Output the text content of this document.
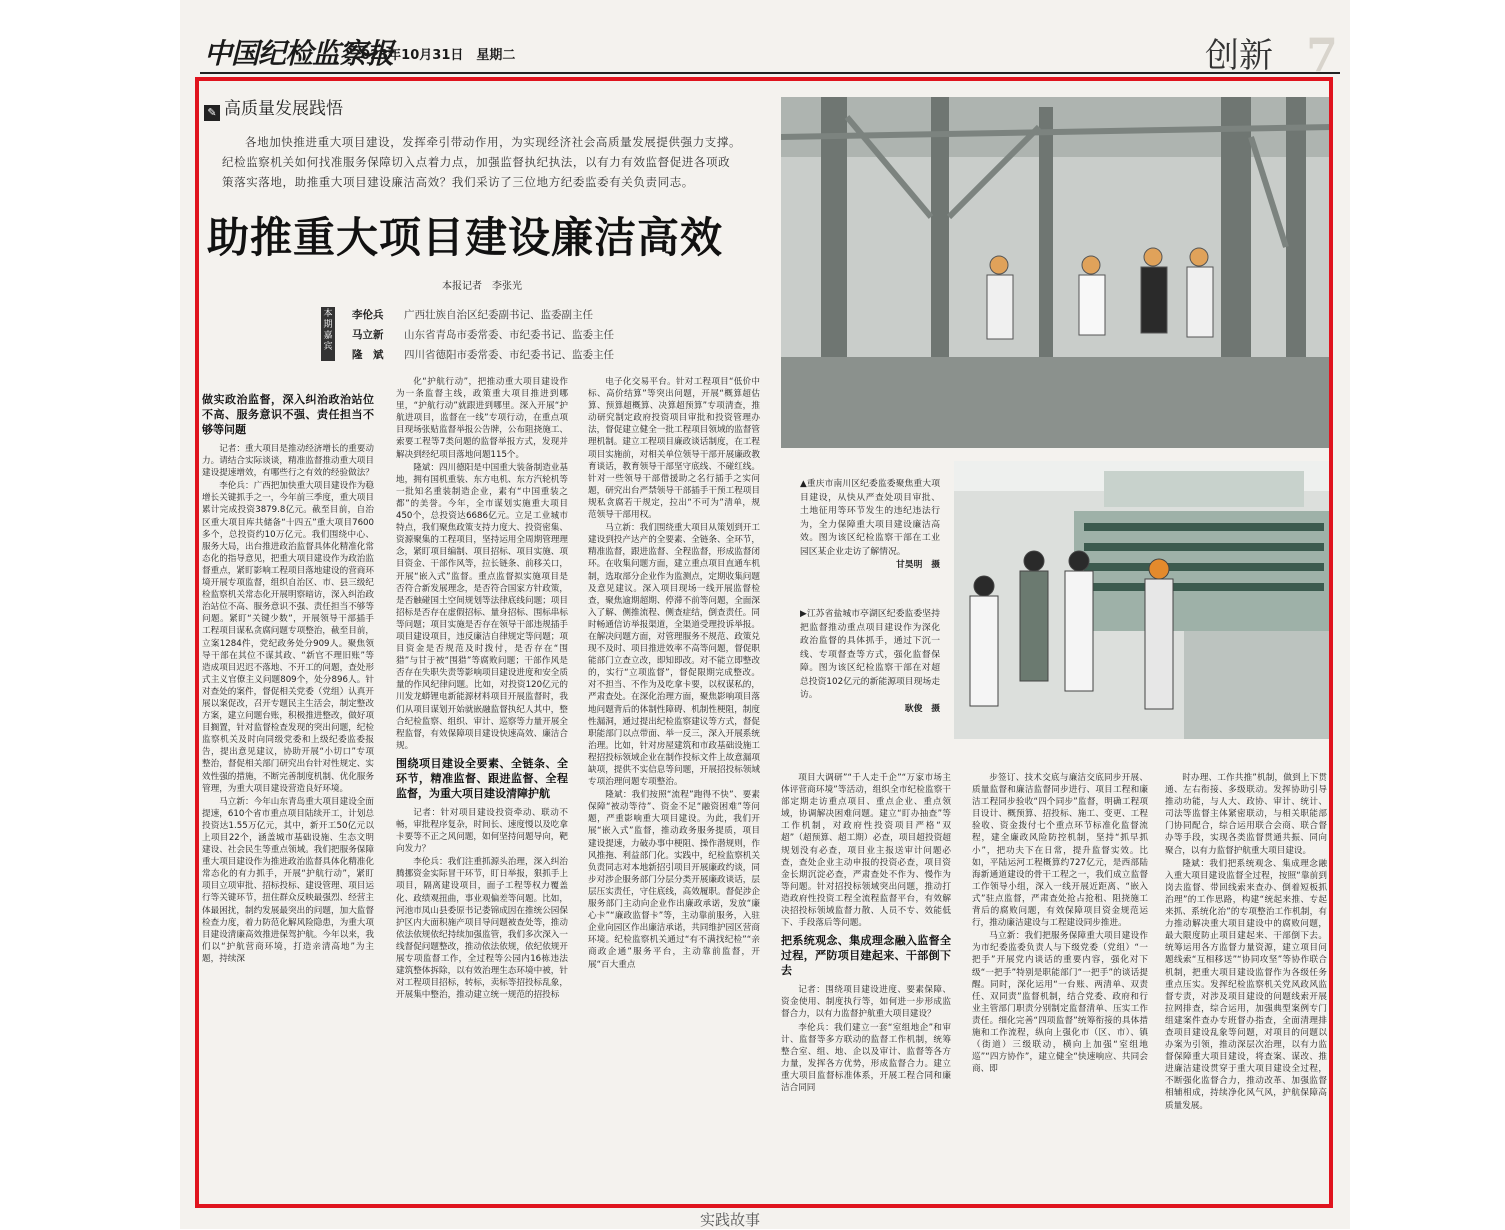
中国纪检监察报
2023年10月31日　星期二	创新 7
✎ 高质量发展践悟
各地加快推进重大项目建设，发挥牵引带动作用，为实现经济社会高质量发展提供强力支撑。纪检监察机关如何找准服务保障切入点着力点，加强监督执纪执法，以有力有效监督促进各项政策落实落地，助推重大项目建设廉洁高效？我们采访了三位地方纪委监委有关负责同志。
助推重大项目建设廉洁高效
本报记者　李张光
本期嘉宾
李伦兵 广西壮族自治区纪委副书记、监委副主任
马立新 山东省青岛市委常委、市纪委书记、监委主任
隆　斌 四川省德阳市委常委、市纪委书记、监委主任
做实政治监督，深入纠治政治站位不高、服务意识不强、责任担当不够等问题

记者：重大项目是推动经济增长的重要动力。请结合实际谈谈，精准监督推动重大项目建设提速增效，有哪些行之有效的经验做法？

李伦兵：广西把加快重大项目建设作为稳增长关键抓手之一，今年前三季度，重大项目累计完成投资3879.8亿元。截至目前，自治区重大项目库共储备“十四五”重大项目7600多个，总投资约10万亿元。我们围绕中心、服务大局，出台推进政治监督具体化精准化常态化的指导意见，把重大项目建设作为政治监督重点，紧盯影响工程项目落地建设的营商环境开展专项监督，组织自治区、市、县三级纪检监察机关常态化开展明察暗访，深入纠治政治站位不高、服务意识不强、责任担当不够等问题。紧盯“关键少数”，开展领导干部插手工程项目谋私贪腐问题专项整治，截至目前，立案1284件，党纪政务处分909人。聚焦领导干部在其位不谋其政、“新官不理旧账”等造成项目迟迟不落地、不开工的问题，查处形式主义官僚主义问题809个，处分896人。针对查处的案件，督促相关党委（党组）认真开展以案促改，召开专题民主生活会，制定整改方案，建立问题台账，积极推进整改，做好项目搁置，针对监督检查发现的突出问题，纪检监察机关及时向同级党委和上级纪委监委报告，提出意见建议，协助开展“小切口”专项整治，督促相关部门研究出台针对性规定、实效性强的措施，不断完善制度机制、优化服务管理，为重大项目建设营造良好环境。

马立新：今年山东青岛重大项目建设全面提速，610个省市重点项目陆续开工，计划总投资达1.55万亿元，其中，新开工50亿元以上项目22个，涵盖城市基础设施、生态文明建设、社会民生等重点领域。我们把服务保障重大项目建设作为推进政治监督具体化精准化常态化的有力抓手，开展“护航行动”，紧盯项目立项审批、招标投标、建设管理、项目运行等关键环节，扭住群众反映最强烈、经营主体最困扰，制约发展最突出的问题，加大监督检查力度，着力防范化解风险隐患，为重大项目建设清廉高效推进保驾护航。今年以来，我们以“护航营商环境，打造亲清高地”为主题，持续深

化“护航行动”，把推动重大项目建设作为一条监督主线，政策重大项目推进到哪里，“护航行动”就跟进到哪里。深入开展“护航进项目，监督在一线”专项行动，在重点项目现场张贴监督举报公告牌，公布阻挠施工、索要工程等7类问题的监督举报方式，发现并解决到经纪项目落地问题115个。

隆斌：四川德阳是中国重大装备制造业基地，拥有国机重装、东方电机、东方汽轮机等一批知名重装制造企业，素有“中国重装之都”的美誉。今年，全市谋划实施重大项目450个，总投资达6686亿元。立足工业城市特点，我们聚焦政策支持力度大、投资密集、资源聚集的工程项目，坚持运用全周期管理理念，紧盯项目编制、项目招标、项目实施、项目资金、干部作风等，拉长链条、前移关口，开展“嵌入式”监督。重点监督拟实施项目是否符合新发展理念，是否符合国家方针政策，是否触碰国土空间规划等法律底线问题；项目招标是否存在虚假招标、量身招标、围标串标等问题；项目实施是否存在领导干部违规插手项目建设项目，违反廉洁自律规定等问题；项目资金是否规范及时拨付，是否存在“围猎”与甘于被“围猎”等腐败问题；干部作风是否存在失职失责等影响项目建设进度和安全质量的作风纪律问题。比如，对投资120亿元的川发龙蟒锂电新能源材料项目开展监督时，我们从项目谋划开始就嵌融监督执纪人其中，整合纪检监察、组织、审计、巡察等力量开展全程监督，有效保障项目建设快速高效、廉洁合规。

围绕项目建设全要素、全链条、全环节，精准监督、跟进监督、全程监督，为重大项目建设清障护航

记者：针对项目建设投资牵动、联动不畅，审批程序复杂，时间长、速度慢以及吃拿卡要等不正之风问题，如何坚持问题导向，靶向发力？

李伦兵：我们注重抓源头治理，深入纠治腾挪资金实际冒干环节，盯日举报，狠抓手上项目，隔离建设项目，面子工程等权力覆盖化、政绩观扭曲，事业观偏差等问题。比如，河池市凤山县委原书记娄锦成因在推统公园保护区内大面积施产项目导问题被查处等，推动依法依规依纪持续加强监管，我们多次深入一线督促问题整改，推动依法依规，依纪依规开展专项监督工作，全过程等公园内16栋违法建筑整体拆除，以有效治理生态环境中被，针对工程项目招标，转标，卖标等招投标乱象，开展集中整治，推动建立统一规范的招投标

电子化交易平台。针对工程项目“低价中标、高价结算”等突出问题，开展“概算超估算、预算超概算、决算超预算”专项清查，推动研究制定政府投资项目审批和投资管理办法，督促建立健全一批工程项目领域的监督管理机制。建立工程项目廉政谈话制度，在工程项目实施前，对相关单位领导干部开展廉政教育谈话，教育领导干部坚守底线、不碰红线。针对一些领导干部借援助之名行插手之实问题，研究出台严禁领导干部插手干预工程项目规私贪腐若干规定，拉出“不可为”清单，规范领导干部用权。

马立新：我们围绕重大项目从策划到开工建设到投产达产的全要素、全链条、全环节，精准监督，跟进监督、全程监督，形成监督闭环。在收集问题方面，建立重点项目直通车机制，选取部分企业作为监测点，定期收集问题及意见建议。深入项目现场一线开展监督检查，聚焦逾期超期、停滞不前等问题，全面深入了解、侧推流程、侧查症结，倒查责任。同时畅通信访举报渠道，全渠道受理投诉举报。在解决问题方面，对管理服务不规范、政策兑现不及时、项目推进效率不高等问题，督促职能部门立查立改，即知即改。对不能立即整改的，实行“立项监督”，督促限期完成整改。对不担当、不作为及吃拿卡要，以权谋私的，严肃查处。在深化治理方面，聚焦影响项目落地问题背后的体制性障碍、机制性梗阻，制度性漏洞，通过提出纪检监察建议等方式，督促职能部门以点带面、举一反三，深入开展系统治理。比如，针对房屋建筑和市政基础设施工程招投标领域企业在制作投标文件上故意漏项缺项，提供不实信息等问题，开展招投标领域专项治理问题专项整治。

隆斌：我们按照“流程”跑得不快”、要素保障“被动等待”、资金不足“融资困难”等问题，严重影响重大项目建设。为此，我们开展“嵌入式”监督，推动政务服务提质，项目建设提速，力破办事中梗阻、操作潜规则，作风推拖、利益部门化。实践中，纪检监察机关负责同志对本地新招引项目开展廉政约谈，同步对涉企服务部门分层分类开展廉政谈话，层层压实责任，守住底线，高效履职。督促涉企服务部门主动向企业作出廉政承诺，发放“廉心卡”“廉政监督卡”等，主动靠前服务，入驻企业向园区作出廉洁承诺，共同维护园区营商环境。纪检监察机关通过“有不满找纪检”“亲商政企通”服务平台，主动靠前监督，开展“百大重点

▲重庆市南川区纪委监委聚焦重大项目建设，从快从严查处项目审批、土地征用等环节发生的违纪违法行为，全力保障重大项目建设廉洁高效。图为该区纪检监察干部在工业园区某企业走访了解情况。
甘昊明　摄
▶江苏省盐城市亭湖区纪委监委坚持把监督推动重点项目建设作为深化政治监督的具体抓手，通过下沉一线、专项督查等方式，强化监督保障。图为该区纪检监察干部在对超总投资102亿元的新能源项目现场走访。
耿俊　摄

项目大调研”“千人走千企”“万家市场主体评营商环境”等活动，组织全市纪检监察干部定期走访重点项目、重点企业、重点领域，协调解决困难问题。建立“盯办抽查”等工作机制，对政府性投资项目严格“双超”（超预算、超工期）必查，项目超投资超规划没有必查，项目业主报送审计问题必查，查处企业主动申报的投资必查，项目资金长期沉淀必查，严肃查处不作为、慢作为等问题。针对招投标领域突出问题，推动打造政府性投资工程全流程监督平台，有效解决招投标领域监督力散、人员不专、效能低下、手段落后等问题。

把系统观念、集成理念融入监督全过程，严防项目建起来、干部倒下去

记者：围绕项目建设进度、要素保障、资金使用、制度执行等，如何进一步形成监督合力，以有力监督护航重大项目建设？

李伦兵：我们建立一套“室组地企”和审计、监督等多方联动的监督工作机制，统筹整合室、组、地、企以及审计、监督等各方力量，发挥各方优势，形成监督合力。建立重大项目监督标准体系，开展工程合同和廉洁合同同

步签订、技术交底与廉洁交底同步开展、质量监督和廉洁监督同步进行、项目工程和廉洁工程同步验收“四个同步”监督，明确工程项目设计、概预算、招投标、施工、变更、工程验收、资金拨付七个重点环节标准化监督流程，建全廉政风险防控机制，坚持“抓早抓小”，把功夫下在日常，提升监督实效。比如，平陆运河工程概算约727亿元，是西部陆海新通道建设的骨干工程之一，我们成立监督工作领导小组，深入一线开展近距离、“嵌入式”驻点监督，严肃查处抢占抢租、阻挠施工背后的腐败问题，有效保障项目资金规范运行，推动廉洁建设与工程建设同步推进。

马立新：我们把服务保障重大项目建设作为市纪委监委负责人与下级党委（党组）“一把手”开展党内谈话的重要内容，强化对下级“一把手”特别是职能部门“一把手”的谈话提醒。同时，深化运用“一台账、两清单、双责任、双同责”监督机制，结合党委、政府和行业主管部门职责分别制定监督清单、压实工作责任。细化完善“四项监督”统筹衔接的具体措施和工作流程，纵向上强化市（区、市）、镇（街道）三级联动，横向上加强“室组地巡”“四方协作”，建立健全“快速响应、共同会商、即

时办理、工作共推”机制，做到上下贯通、左右衔接、多级联动。发挥协助引导推动功能，与人大、政协、审计、统计、司法等监督主体紧密联动，与相关职能部门协同配合，综合运用联合会商、联合督办等手段，实现各类监督贯通共振、同向聚合，以有力监督护航重大项目建设。

隆斌：我们把系统观念、集成理念融入重大项目建设监督全过程，按照“靠前到岗去监督、带回线索来查办、倒着短板抓治理”的工作思路，构建“统起来推、专起来抓、系统化治”的专项整治工作机制，有力推动解决重大项目建设中的腐败问题，最大限度防止项目建起来、干部倒下去。统筹运用各方监督力量资源，建立项目问题线索“互相移送”“协同攻坚”等协作联合机制，把重大项目建设监督作为各级任务重点压实。发挥纪检监察机关党风政风监督专责，对涉及项目建设的问题线索开展拉网排查，综合运用，加强典型案例专门组建案件查办专班督办指查，全面清理排查项目建设乱象等问题，对项目的问题以办案为引领，推动深层次治理，以有力监督保障重大项目建设，将查案、谋改、推进廉洁建设贯穿于重大项目建设全过程，不断强化监督合力，推动改革、加强监督相辅相成，持续净化风气风，护航保障高质量发展。

实践故事
